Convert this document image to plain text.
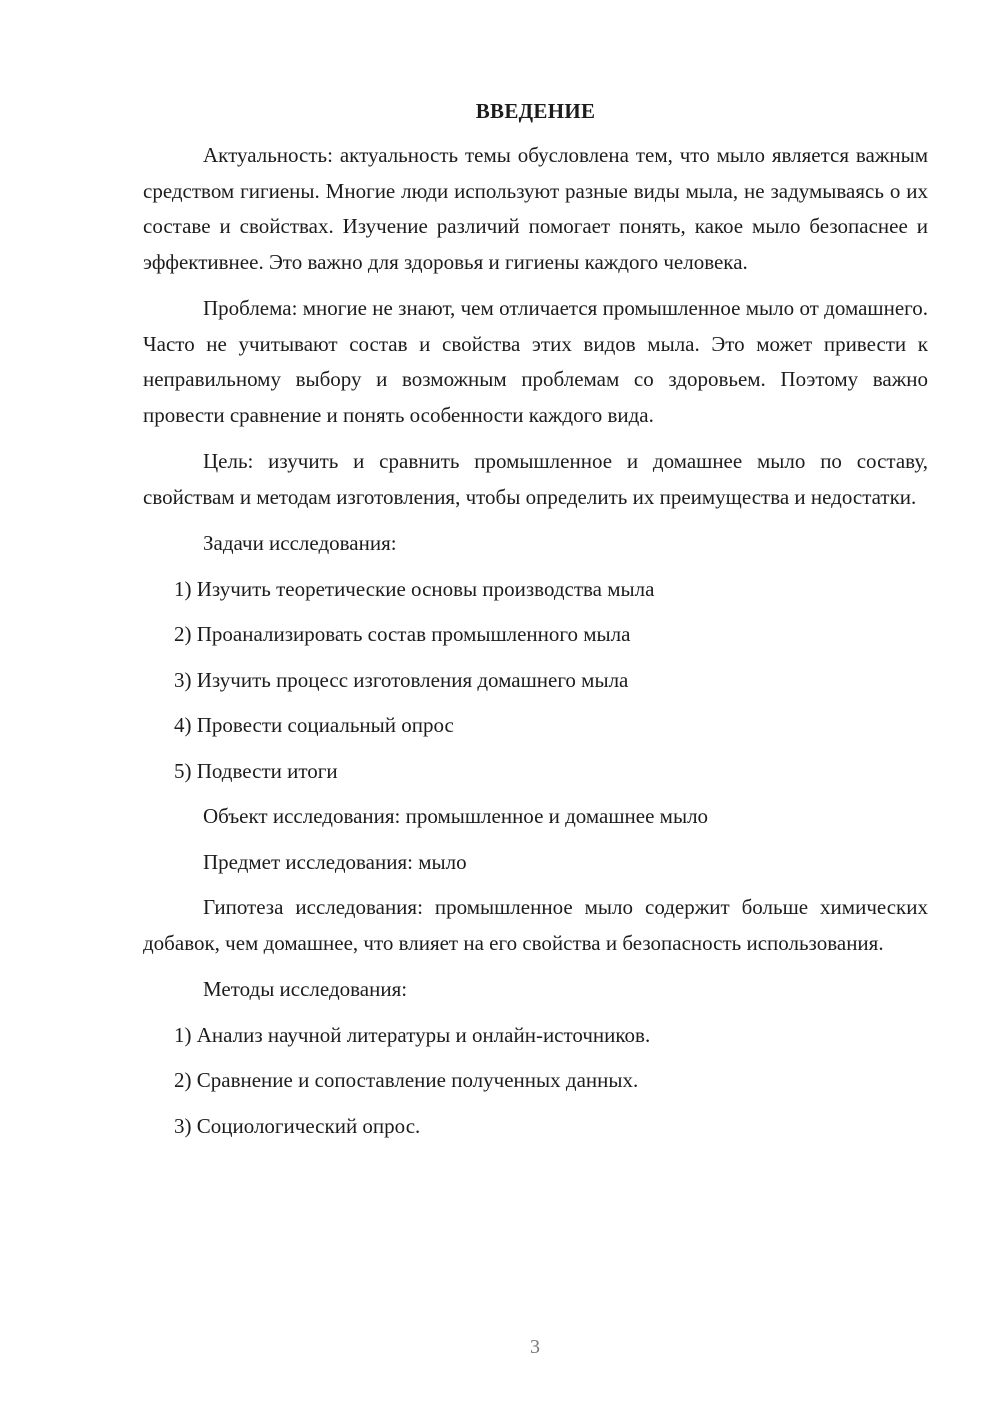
ВВЕДЕНИЕ

Актуальность: актуальность темы обусловлена тем, что мыло является важным средством гигиены. Многие люди используют разные виды мыла, не задумываясь о их составе и свойствах. Изучение различий помогает понять, какое мыло безопаснее и эффективнее. Это важно для здоровья и гигиены каждого человека.

Проблема: многие не знают, чем отличается промышленное мыло от домашнего. Часто не учитывают состав и свойства этих видов мыла. Это может привести к неправильному выбору и возможным проблемам со здоровьем. Поэтому важно провести сравнение и понять особенности каждого вида.

Цель: изучить и сравнить промышленное и домашнее мыло по составу, свойствам и методам изготовления, чтобы определить их преимущества и недостатки.

Задачи исследования:
1) Изучить теоретические основы производства мыла
2) Проанализировать состав промышленного мыла
3) Изучить процесс изготовления домашнего мыла
4) Провести социальный опрос
5) Подвести итоги
Объект исследования: промышленное и домашнее мыло
Предмет исследования: мыло

Гипотеза исследования: промышленное мыло содержит больше химических добавок, чем домашнее, что влияет на его свойства и безопасность использования.

Методы исследования:
1) Анализ научной литературы и онлайн-источников.
2) Сравнение и сопоставление полученных данных.
3) Социологический опрос.
3
